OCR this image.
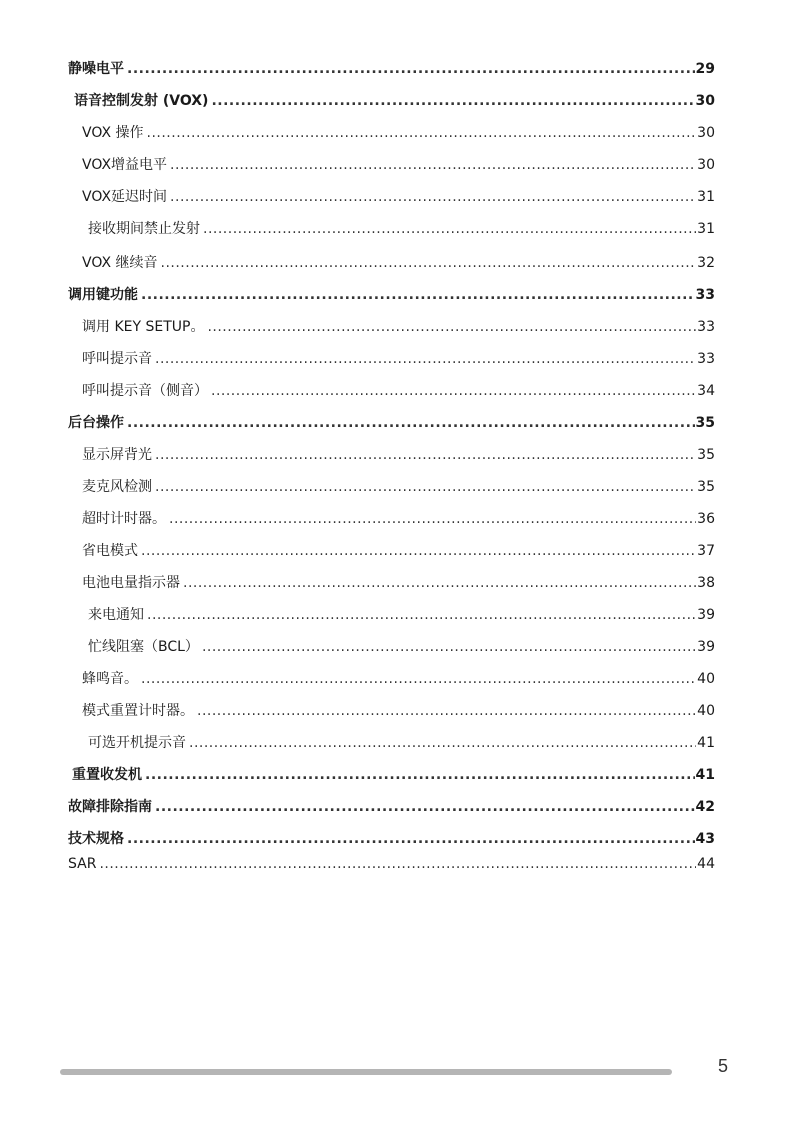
静噪电平 .....	29
语音控制发射 (VOX) .....	30
VOX 操作 .....	30
VOX增益电平 .....	30
VOX延迟时间 .....	31
接收期间禁止发射 .....	31
VOX 继续音 .....	32
调用键功能 .....	33
调用 KEY SETUP。 .....	33
呼叫提示音 .....	33
呼叫提示音（侧音） .....	34
后台操作 .....	35
显示屏背光 .....	35
麦克风检测 .....	35
超时计时器。 .....	36
省电模式 .....	37
电池电量指示器 .....	38
来电通知 .....	39
忙线阻塞（BCL） .....	39
蜂鸣音。 .....	40
模式重置计时器。 .....	40
可选开机提示音 .....	41
重置收发机 .....	41
故障排除指南 .....	42
技术规格 .....	43
SAR .....	44
5
